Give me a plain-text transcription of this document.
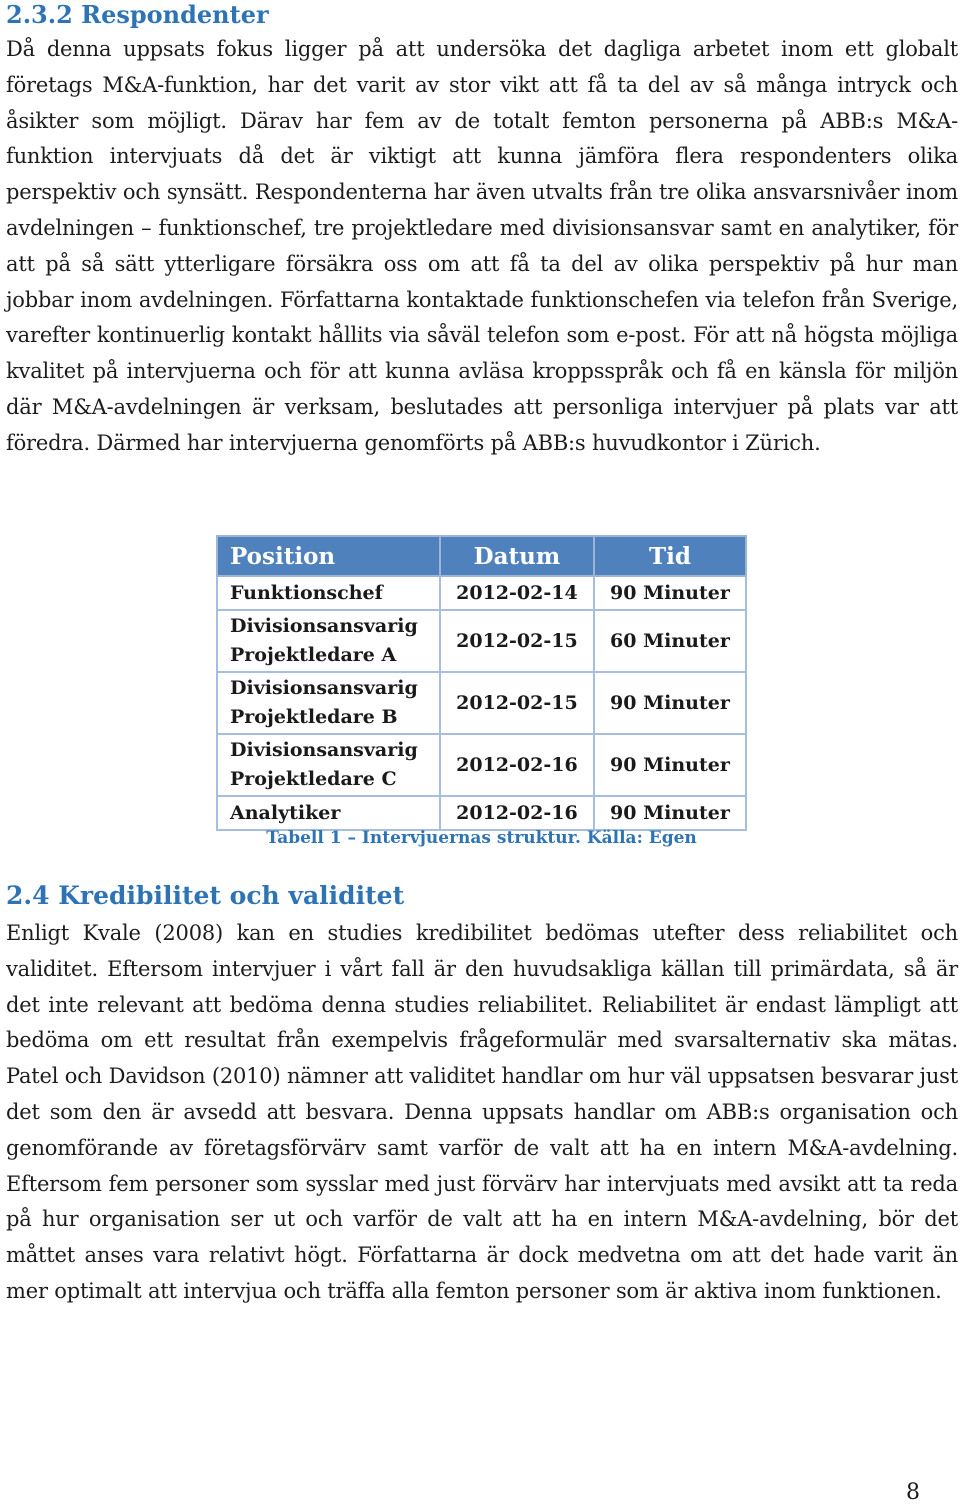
2.3.2 Respondenter

Då denna uppsats fokus ligger på att undersöka det dagliga arbetet inom ett globalt företags M&A-funktion, har det varit av stor vikt att få ta del av så många intryck och åsikter som möjligt. Därav har fem av de totalt femton personerna på ABB:s M&A-funktion intervjuats då det är viktigt att kunna jämföra flera respondenters olika perspektiv och synsätt. Respondenterna har även utvalts från tre olika ansvarsnivåer inom avdelningen – funktionschef, tre projektledare med divisionsansvar samt en analytiker, för att på så sätt ytterligare försäkra oss om att få ta del av olika perspektiv på hur man jobbar inom avdelningen. Författarna kontaktade funktionschefen via telefon från Sverige, varefter kontinuerlig kontakt hållits via såväl telefon som e-post. För att nå högsta möjliga kvalitet på intervjuerna och för att kunna avläsa kroppsspråk och få en känsla för miljön där M&A-avdelningen är verksam, beslutades att personliga intervjuer på plats var att föredra. Därmed har intervjuerna genomförts på ABB:s huvudkontor i Zürich.

Position	Datum	Tid
Funktionschef	2012-02-14	90 Minuter
Divisionsansvarig
Projektledare A	2012-02-15	60 Minuter
Divisionsansvarig
Projektledare B	2012-02-15	90 Minuter
Divisionsansvarig
Projektledare C	2012-02-16	90 Minuter
Analytiker	2012-02-16	90 Minuter

Tabell 1 – Intervjuernas struktur. Källa: Egen

2.4 Kredibilitet och validitet

Enligt Kvale (2008) kan en studies kredibilitet bedömas utefter dess reliabilitet och validitet. Eftersom intervjuer i vårt fall är den huvudsakliga källan till primärdata, så är det inte relevant att bedöma denna studies reliabilitet. Reliabilitet är endast lämpligt att bedöma om ett resultat från exempelvis frågeformulär med svarsalternativ ska mätas. Patel och Davidson (2010) nämner att validitet handlar om hur väl uppsatsen besvarar just det som den är avsedd att besvara. Denna uppsats handlar om ABB:s organisation och genomförande av företagsförvärv samt varför de valt att ha en intern M&A-avdelning. Eftersom fem personer som sysslar med just förvärv har intervjuats med avsikt att ta reda på hur organisation ser ut och varför de valt att ha en intern M&A-avdelning, bör det måttet anses vara relativt högt. Författarna är dock medvetna om att det hade varit än mer optimalt att intervjua och träffa alla femton personer som är aktiva inom funktionen.

8
